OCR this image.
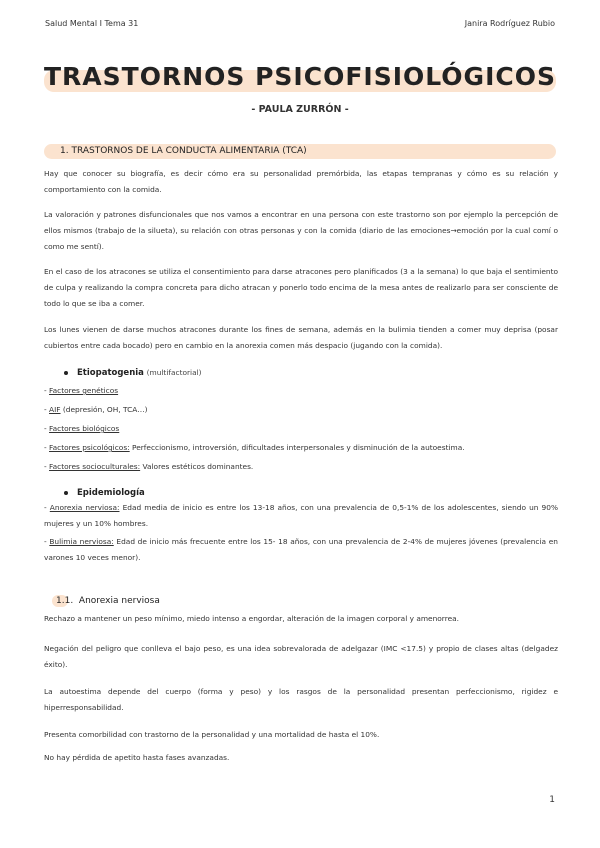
Salud Mental I Tema 31	Janira Rodríguez Rubio
TRASTORNOS PSICOFISIOLÓGICOS
- PAULA ZURRÓN -
1. TRASTORNOS DE LA CONDUCTA ALIMENTARIA (TCA)
Hay que conocer su biografía, es decir cómo era su personalidad premórbida, las etapas tempranas y cómo es su relación y comportamiento con la comida.
La valoración y patrones disfuncionales que nos vamos a encontrar en una persona con este trastorno son por ejemplo la percepción de ellos mismos (trabajo de la silueta), su relación con otras personas y con la comida (diario de las emociones→emoción por la cual comí o como me sentí).
En el caso de los atracones se utiliza el consentimiento para darse atracones pero planificados (3 a la semana) lo que baja el sentimiento de culpa y realizando la compra concreta para dicho atracan y ponerlo todo encima de la mesa antes de realizarlo para ser consciente de todo lo que se iba a comer.
Los lunes vienen de darse muchos atracones durante los fines de semana, además en la bulimia tienden a comer muy deprisa (posar cubiertos entre cada bocado) pero en cambio en la anorexia comen más despacio (jugando con la comida).
Etiopatogenia (multifactorial)
- Factores genéticos
- AIF (depresión, OH, TCA…)
- Factores biológicos
- Factores psicológicos: Perfeccionismo, introversión, dificultades interpersonales y disminución de la autoestima.
- Factores socioculturales: Valores estéticos dominantes.
Epidemiología
- Anorexia nerviosa: Edad media de inicio es entre los 13-18 años, con una prevalencia de 0,5-1% de los adolescentes, siendo un 90% mujeres y un 10% hombres.
- Bulimia nerviosa: Edad de inicio más frecuente entre los 15- 18 años, con una prevalencia de 2-4% de mujeres jóvenes (prevalencia en varones 10 veces menor).
1.1. Anorexia nerviosa
Rechazo a mantener un peso mínimo, miedo intenso a engordar, alteración de la imagen corporal y amenorrea.
Negación del peligro que conlleva el bajo peso, es una idea sobrevalorada de adelgazar (IMC <17.5) y propio de clases altas (delgadez éxito).
La autoestima depende del cuerpo (forma y peso) y los rasgos de la personalidad presentan perfeccionismo, rigidez e hiperresponsabilidad.
Presenta comorbilidad con trastorno de la personalidad y una mortalidad de hasta el 10%.
No hay pérdida de apetito hasta fases avanzadas.
1
